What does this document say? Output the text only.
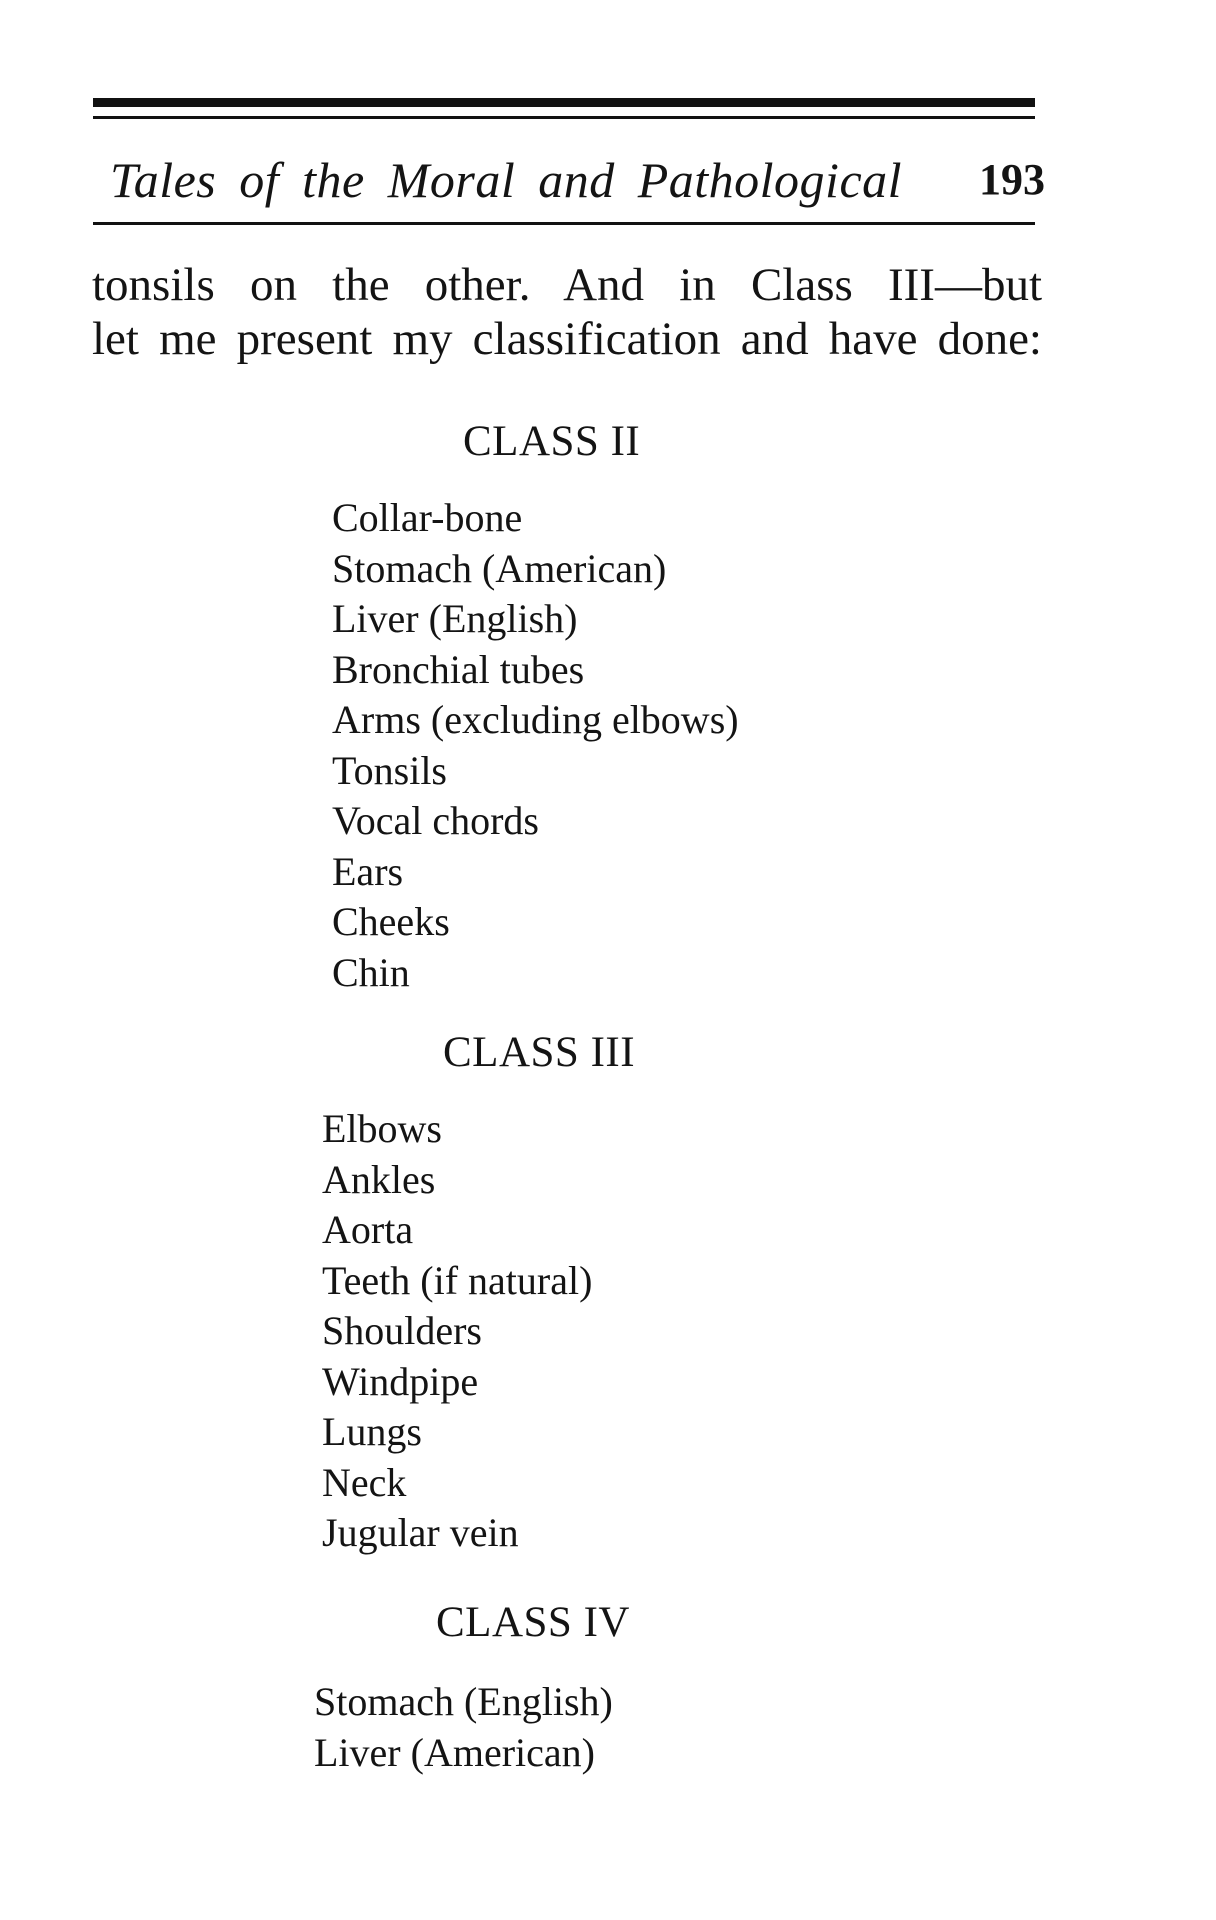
Tales of the Moral and Pathological 193
tonsils on the other. And in Class III—but
let me present my classification and have done:
CLASS II
Collar-bone
Stomach (American)
Liver (English)
Bronchial tubes
Arms (excluding elbows)
Tonsils
Vocal chords
Ears
Cheeks
Chin
CLASS III
Elbows
Ankles
Aorta
Teeth (if natural)
Shoulders
Windpipe
Lungs
Neck
Jugular vein
CLASS IV
Stomach (English)
Liver (American)
